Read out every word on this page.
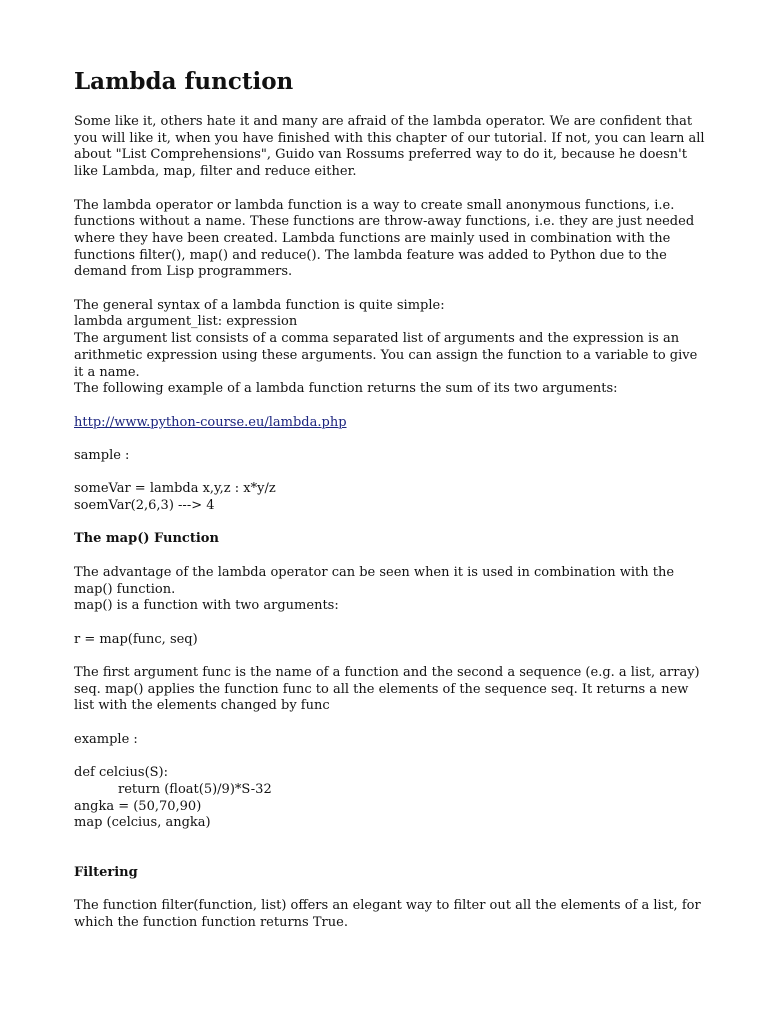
Lambda function

Some like it, others hate it and many are afraid of the lambda operator. We are confident that you will like it, when you have finished with this chapter of our tutorial. If not, you can learn all about "List Comprehensions", Guido van Rossums preferred way to do it, because he doesn't like Lambda, map, filter and reduce either.

The lambda operator or lambda function is a way to create small anonymous functions, i.e. functions without a name. These functions are throw-away functions, i.e. they are just needed where they have been created. Lambda functions are mainly used in combination with the functions filter(), map() and reduce(). The lambda feature was added to Python due to the demand from Lisp programmers.

The general syntax of a lambda function is quite simple:

lambda argument_list: expression

The argument list consists of a comma separated list of arguments and the expression is an arithmetic expression using these arguments. You can assign the function to a variable to give it a name.

The following example of a lambda function returns the sum of its two arguments:

http://www.python-course.eu/lambda.php

sample :

someVar = lambda x,y,z : x*y/z

soemVar(2,6,3) ---> 4

The map() Function

The advantage of the lambda operator can be seen when it is used in combination with the map() function.

map() is a function with two arguments:

r = map(func, seq)

The first argument func is the name of a function and the second a sequence (e.g. a list, array) seq. map() applies the function func to all the elements of the sequence seq. It returns a new list with the elements changed by func

example :

def celcius(S):

return (float(5)/9)*S-32

angka = (50,70,90)

map (celcius, angka)

Filtering

The function filter(function, list) offers an elegant way to filter out all the elements of a list, for which the function function returns True.
